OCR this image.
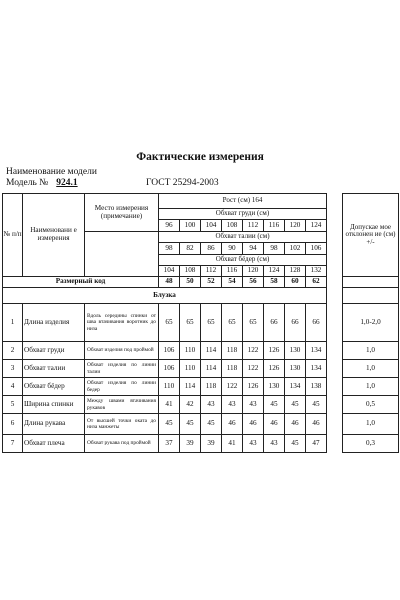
Фактические измерения
Наименование модели
Модель № 924.1	ГОСТ 25294-2003
№ п/п	Наименовани е измерения	Место измерения (примечание)	Рост (см) 164									Допускае мое отклонен ие (см) +/-
			Обхват груди (см)									
			96	100	104	108	112	116	120	124		
			Обхват талии (см)									
			98	82	86	90	94	98	102	106		
			Обхват бёдер (см)									
			104	108	112	116	120	124	128	132		
Размерный код			48	50	52	54	56	58	60	62		
Блузка												
1	Длина изделия	Вдоль середины спинки от шва втачивания воротник до низа	65	65	65	65	65	66	66	66		1,0-2,0
2	Обхват груди	Обхват изделия под проймой	106	110	114	118	122	126	130	134		1,0
3	Обхват талии	Обхват изделия по линии талии	106	110	114	118	122	126	130	134		1,0
4	Обхват бёдер	Обхват изделия по линии бедер	110	114	118	122	126	130	134	138		1,0
5	Ширина спинки	Между швами втачивания рукавов	41	42	43	43	43	45	45	45		0,5
6	Длина рукава	От высшей точки оката до низа манжеты	45	45	45	46	46	46	46	46		1,0
7	Обхват плеча	Обхват рукава под проймой	37	39	39	41	43	43	45	47		0,3
